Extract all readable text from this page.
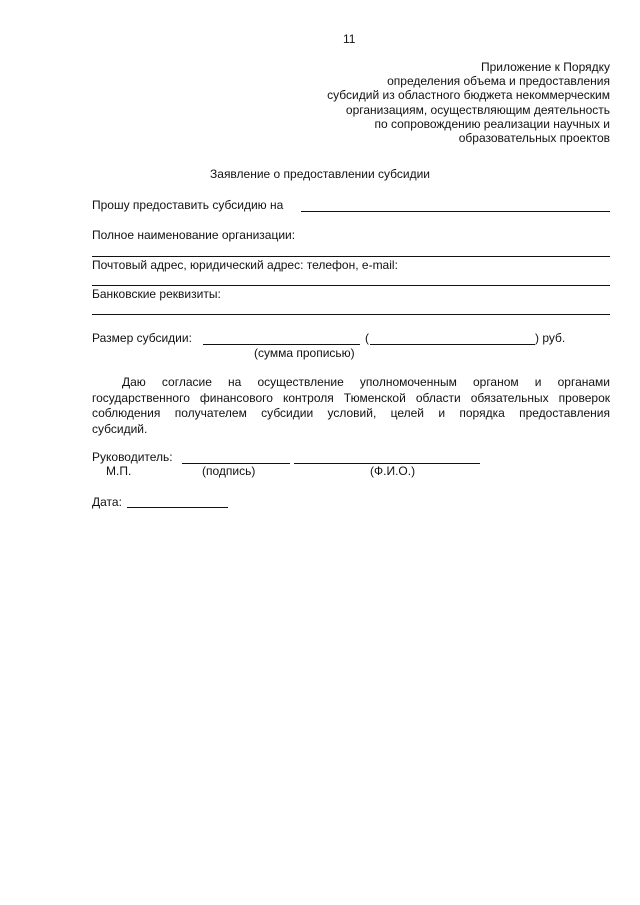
11
Приложение к Порядку
определения объема и предоставления
субсидий из областного бюджета некоммерческим
организациям, осуществляющим деятельность
по сопровождению реализации научных и
образовательных проектов
Заявление о предоставлении субсидии
Прошу предоставить субсидию на
Полное наименование организации:
Почтовый адрес, юридический адрес: телефон, e-mail:
Банковские реквизиты:
Размер субсидии:	(	) руб.
(сумма прописью)
Даю согласие на осуществление уполномоченным органом и органами
государственного финансового контроля Тюменской области обязательных проверок
соблюдения получателем субсидии условий, целей и порядка предоставления
субсидий.
Руководитель:
М.П.	(подпись)	(Ф.И.О.)
Дата:
